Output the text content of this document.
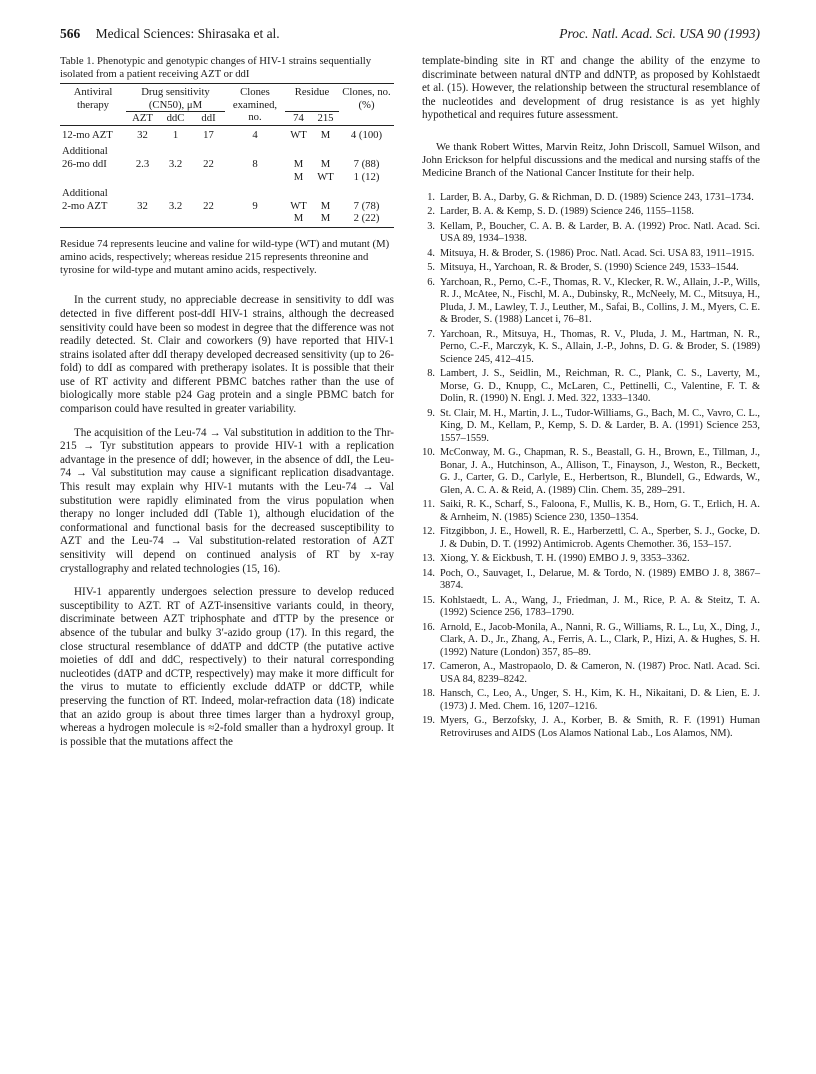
566 Medical Sciences: Shirasaka et al.	Proc. Natl. Acad. Sci. USA 90 (1993)

Table 1. Phenotypic and genotypic changes of HIV-1 strains sequentially isolated from a patient receiving AZT or ddI

Antiviral therapy	Drug sensitivity (CN50), μM			Clones examined, no.	Residue		Clones, no. (%)
	AZT	ddC	ddI		74	215	
12-mo AZT	32	1	17	4	WT	M	4 (100)
Additional							
26-mo ddI	2.3	3.2	22	8	M	M	7 (88)
					M	WT	1 (12)
Additional							
2-mo AZT	32	3.2	22	9	WT	M	7 (78)
					M	M	2 (22)

Residue 74 represents leucine and valine for wild-type (WT) and mutant (M) amino acids, respectively; whereas residue 215 represents threonine and tyrosine for wild-type and mutant amino acids, respectively.

In the current study, no appreciable decrease in sensitivity to ddI was detected in five different post-ddI HIV-1 strains, although the decreased sensitivity could have been so modest in degree that the difference was not readily detected. St. Clair and coworkers (9) have reported that HIV-1 strains isolated after ddI therapy developed decreased sensitivity (up to 26-fold) to ddI as compared with pretherapy isolates. It is possible that their use of RT activity and different PBMC batches rather than the use of biologically more stable p24 Gag protein and a single PBMC batch for comparison could have resulted in greater variability.

The acquisition of the Leu-74 → Val substitution in addition to the Thr-215 → Tyr substitution appears to provide HIV-1 with a replication advantage in the presence of ddI; however, in the absence of ddI, the Leu-74 → Val substitution may cause a significant replication disadvantage. This result may explain why HIV-1 mutants with the Leu-74 → Val substitution were rapidly eliminated from the virus population when therapy no longer included ddI (Table 1), although elucidation of the conformational and functional basis for the decreased susceptibility to AZT and the Leu-74 → Val substitution-related restoration of AZT sensitivity will depend on continued analysis of RT by x-ray crystallography and related technologies (15, 16).

HIV-1 apparently undergoes selection pressure to develop reduced susceptibility to AZT. RT of AZT-insensitive variants could, in theory, discriminate between AZT triphosphate and dTTP by the presence or absence of the tubular and bulky 3′-azido group (17). In this regard, the close structural resemblance of ddATP and ddCTP (the putative active moieties of ddI and ddC, respectively) to their natural corresponding nucleotides (dATP and dCTP, respectively) may make it more difficult for the virus to mutate to efficiently exclude ddATP or ddCTP, while preserving the function of RT. Indeed, molar-refraction data (18) indicate that an azido group is about three times larger than a hydroxyl group, whereas a hydrogen molecule is ≈2-fold smaller than a hydroxyl group. It is possible that the mutations affect the

template-binding site in RT and change the ability of the enzyme to discriminate between natural dNTP and ddNTP, as proposed by Kohlstaedt et al. (15). However, the relationship between the structural resemblance of the nucleotides and development of drug resistance is as yet highly hypothetical and requires future assessment.

We thank Robert Wittes, Marvin Reitz, John Driscoll, Samuel Wilson, and John Erickson for helpful discussions and the medical and nursing staffs of the Medicine Branch of the National Cancer Institute for their help.

1. Larder, B. A., Darby, G. & Richman, D. D. (1989) Science 243, 1731–1734.
2. Larder, B. A. & Kemp, S. D. (1989) Science 246, 1155–1158.
3. Kellam, P., Boucher, C. A. B. & Larder, B. A. (1992) Proc. Natl. Acad. Sci. USA 89, 1934–1938.
4. Mitsuya, H. & Broder, S. (1986) Proc. Natl. Acad. Sci. USA 83, 1911–1915.
5. Mitsuya, H., Yarchoan, R. & Broder, S. (1990) Science 249, 1533–1544.
6. Yarchoan, R., Perno, C.-F., Thomas, R. V., Klecker, R. W., Allain, J.-P., Wills, R. J., McAtee, N., Fischl, M. A., Dubinsky, R., McNeely, M. C., Mitsuya, H., Pluda, J. M., Lawley, T. J., Leuther, M., Safai, B., Collins, J. M., Myers, C. E. & Broder, S. (1988) Lancet i, 76–81.
7. Yarchoan, R., Mitsuya, H., Thomas, R. V., Pluda, J. M., Hartman, N. R., Perno, C.-F., Marczyk, K. S., Allain, J.-P., Johns, D. G. & Broder, S. (1989) Science 245, 412–415.
8. Lambert, J. S., Seidlin, M., Reichman, R. C., Plank, C. S., Laverty, M., Morse, G. D., Knupp, C., McLaren, C., Pettinelli, C., Valentine, F. T. & Dolin, R. (1990) N. Engl. J. Med. 322, 1333–1340.
9. St. Clair, M. H., Martin, J. L., Tudor-Williams, G., Bach, M. C., Vavro, C. L., King, D. M., Kellam, P., Kemp, S. D. & Larder, B. A. (1991) Science 253, 1557–1559.
10. McConway, M. G., Chapman, R. S., Beastall, G. H., Brown, E., Tillman, J., Bonar, J. A., Hutchinson, A., Allison, T., Finayson, J., Weston, R., Beckett, G. J., Carter, G. D., Carlyle, E., Herbertson, R., Blundell, G., Edwards, W., Glen, A. C. A. & Reid, A. (1989) Clin. Chem. 35, 289–291.
11. Saiki, R. K., Scharf, S., Faloona, F., Mullis, K. B., Horn, G. T., Erlich, H. A. & Arnheim, N. (1985) Science 230, 1350–1354.
12. Fitzgibbon, J. E., Howell, R. E., Harberzettl, C. A., Sperber, S. J., Gocke, D. J. & Dubin, D. T. (1992) Antimicrob. Agents Chemother. 36, 153–157.
13. Xiong, Y. & Eickbush, T. H. (1990) EMBO J. 9, 3353–3362.
14. Poch, O., Sauvaget, I., Delarue, M. & Tordo, N. (1989) EMBO J. 8, 3867–3874.
15. Kohlstaedt, L. A., Wang, J., Friedman, J. M., Rice, P. A. & Steitz, T. A. (1992) Science 256, 1783–1790.
16. Arnold, E., Jacob-Monila, A., Nanni, R. G., Williams, R. L., Lu, X., Ding, J., Clark, A. D., Jr., Zhang, A., Ferris, A. L., Clark, P., Hizi, A. & Hughes, S. H. (1992) Nature (London) 357, 85–89.
17. Cameron, A., Mastropaolo, D. & Cameron, N. (1987) Proc. Natl. Acad. Sci. USA 84, 8239–8242.
18. Hansch, C., Leo, A., Unger, S. H., Kim, K. H., Nikaitani, D. & Lien, E. J. (1973) J. Med. Chem. 16, 1207–1216.
19. Myers, G., Berzofsky, J. A., Korber, B. & Smith, R. F. (1991) Human Retroviruses and AIDS (Los Alamos National Lab., Los Alamos, NM).
